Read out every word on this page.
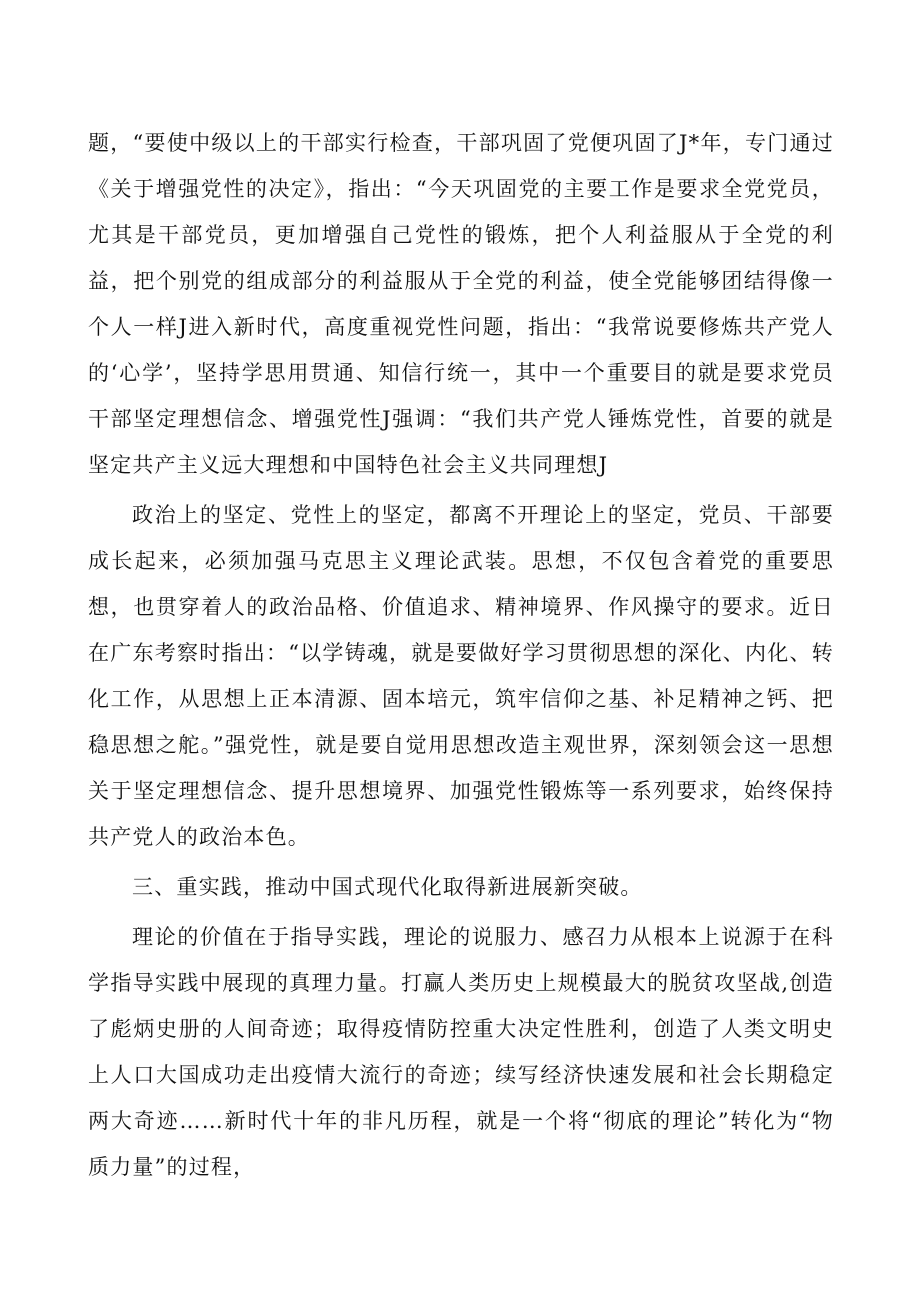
题，“要使中级以上的干部实行检查，干部巩固了党便巩固了J*年，专门通过《关于增强党性的决定》，指出：“今天巩固党的主要工作是要求全党党员，尤其是干部党员，更加增强自己党性的锻炼，把个人利益服从于全党的利益，把个别党的组成部分的利益服从于全党的利益，使全党能够团结得像一个人一样J进入新时代，高度重视党性问题，指出：“我常说要修炼共产党人的‘心学’，坚持学思用贯通、知信行统一，其中一个重要目的就是要求党员干部坚定理想信念、增强党性J强调：“我们共产党人锤炼党性，首要的就是坚定共产主义远大理想和中国特色社会主义共同理想J

政治上的坚定、党性上的坚定，都离不开理论上的坚定，党员、干部要成长起来，必须加强马克思主义理论武装。思想，不仅包含着党的重要思想，也贯穿着人的政治品格、价值追求、精神境界、作风操守的要求。近日在广东考察时指出：“以学铸魂，就是要做好学习贯彻思想的深化、内化、转化工作，从思想上正本清源、固本培元，筑牢信仰之基、补足精神之钙、把稳思想之舵。”强党性，就是要自觉用思想改造主观世界，深刻领会这一思想关于坚定理想信念、提升思想境界、加强党性锻炼等一系列要求，始终保持共产党人的政治本色。

三、重实践，推动中国式现代化取得新进展新突破。

理论的价值在于指导实践，理论的说服力、感召力从根本上说源于在科学指导实践中展现的真理力量。打赢人类历史上规模最大的脱贫攻坚战,创造了彪炳史册的人间奇迹；取得疫情防控重大决定性胜利，创造了人类文明史上人口大国成功走出疫情大流行的奇迹；续写经济快速发展和社会长期稳定两大奇迹……新时代十年的非凡历程，就是一个将“彻底的理论”转化为“物质力量”的过程，
